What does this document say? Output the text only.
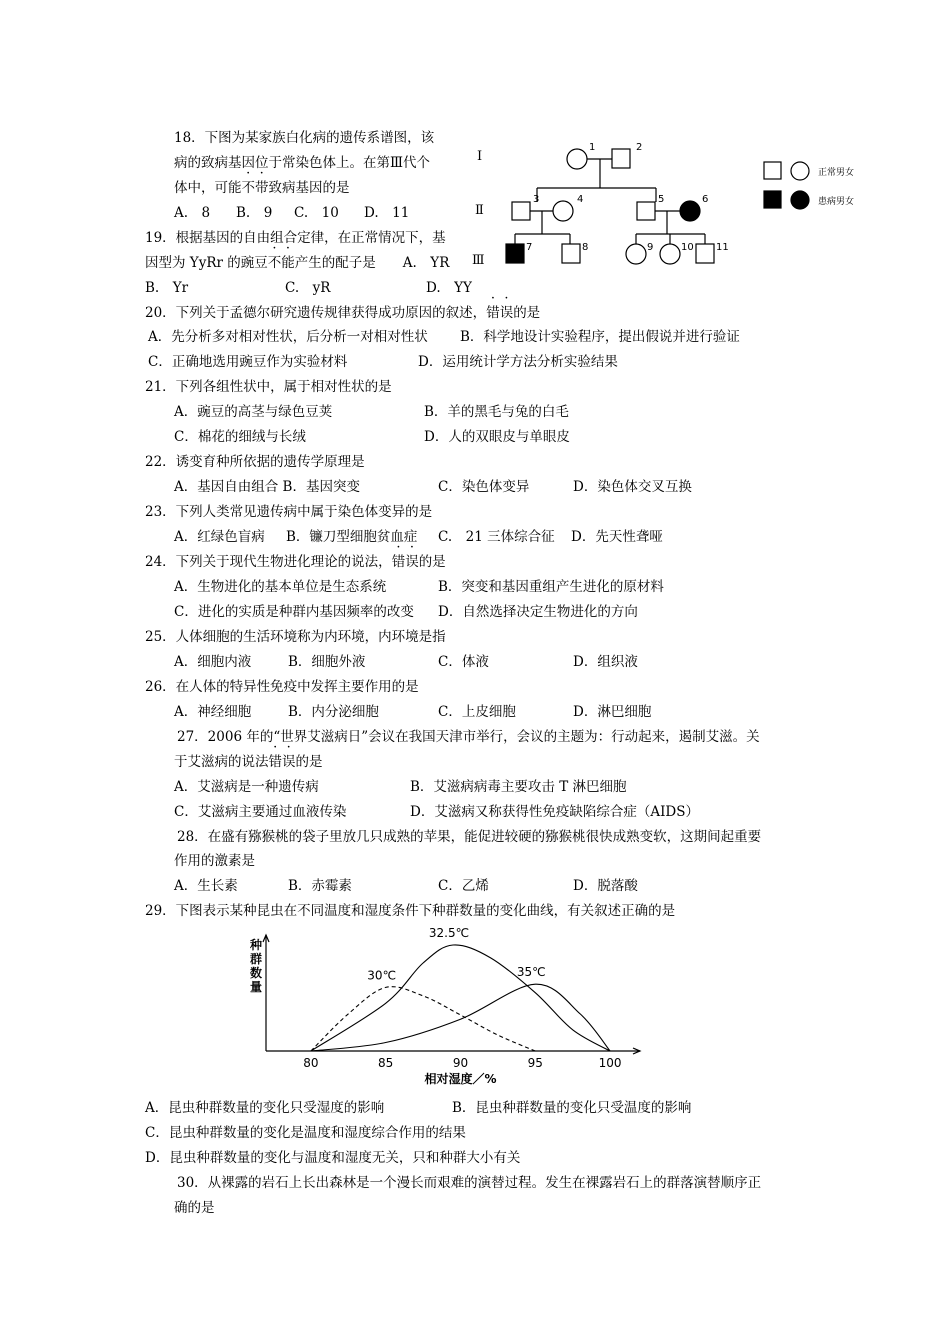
18．下图为某家族白化病的遗传系谱图，该
病的致病基因位于常染色体上。在第Ⅲ代个
体中，可能不带致病基因的是
A.　8 B.　9 C.　10 D.　11
Ⅰ
Ⅱ
Ⅲ
1	2
3	4	5	6
7	8	9	10 11
正常男女
患病男女
19．根据基因的自由组合定律，在正常情况下，基
因型为 YyRr 的豌豆不能产生的配子是　　A.　YR
B.　Yr	C.　yR	D.　YY
20．下列关于孟德尔研究遗传规律获得成功原因的叙述，错误的是
A．先分析多对相对性状，后分析一对相对性状 B．科学地设计实验程序，提出假说并进行验证
C．正确地选用豌豆作为实验材料	D．运用统计学方法分析实验结果
21．下列各组性状中，属于相对性状的是
A．豌豆的高茎与绿色豆荚	B．羊的黑毛与兔的白毛
C．棉花的细绒与长绒	D．人的双眼皮与单眼皮
22．诱变育种所依据的遗传学原理是
A．基因自由组合 B．基因突变	C．染色体变异	D．染色体交叉互换
23．下列人类常见遗传病中属于染色体变异的是
A．红绿色盲病 B．镰刀型细胞贫血症 C.　21 三体综合征 D．先天性聋哑
24．下列关于现代生物进化理论的说法，错误的是
A．生物进化的基本单位是生态系统	B．突变和基因重组产生进化的原材料
C．进化的实质是种群内基因频率的改变 D．自然选择决定生物进化的方向
25．人体细胞的生活环境称为内环境，内环境是指
A．细胞内液	B．细胞外液	C．体液	D．组织液
26．在人体的特异性免疫中发挥主要作用的是
A．神经细胞	B．内分泌细胞	C．上皮细胞	D．淋巴细胞
27．2006 年的“世界艾滋病日”会议在我国天津市举行，会议的主题为：行动起来，遏制艾滋。关
于艾滋病的说法错误的是
A．艾滋病是一种遗传病	B．艾滋病病毒主要攻击 T 淋巴细胞
C．艾滋病主要通过血液传染	D．艾滋病又称获得性免疫缺陷综合症（AIDS）
28．在盛有猕猴桃的袋子里放几只成熟的苹果，能促进较硬的猕猴桃很快成熟变软，这期间起重要
作用的激素是
A．生长素	B．赤霉素	C．乙烯	D．脱落酸
29．下图表示某种昆虫在不同温度和湿度条件下种群数量的变化曲线，有关叙述正确的是
种
群
数
量
80	85	90	95	100
相对湿度／%
30℃
32.5℃
35℃
A．昆虫种群数量的变化只受湿度的影响	B．昆虫种群数量的变化只受温度的影响
C．昆虫种群数量的变化是温度和湿度综合作用的结果
D．昆虫种群数量的变化与温度和湿度无关，只和种群大小有关
30．从裸露的岩石上长出森林是一个漫长而艰难的演替过程。发生在裸露岩石上的群落演替顺序正
确的是
